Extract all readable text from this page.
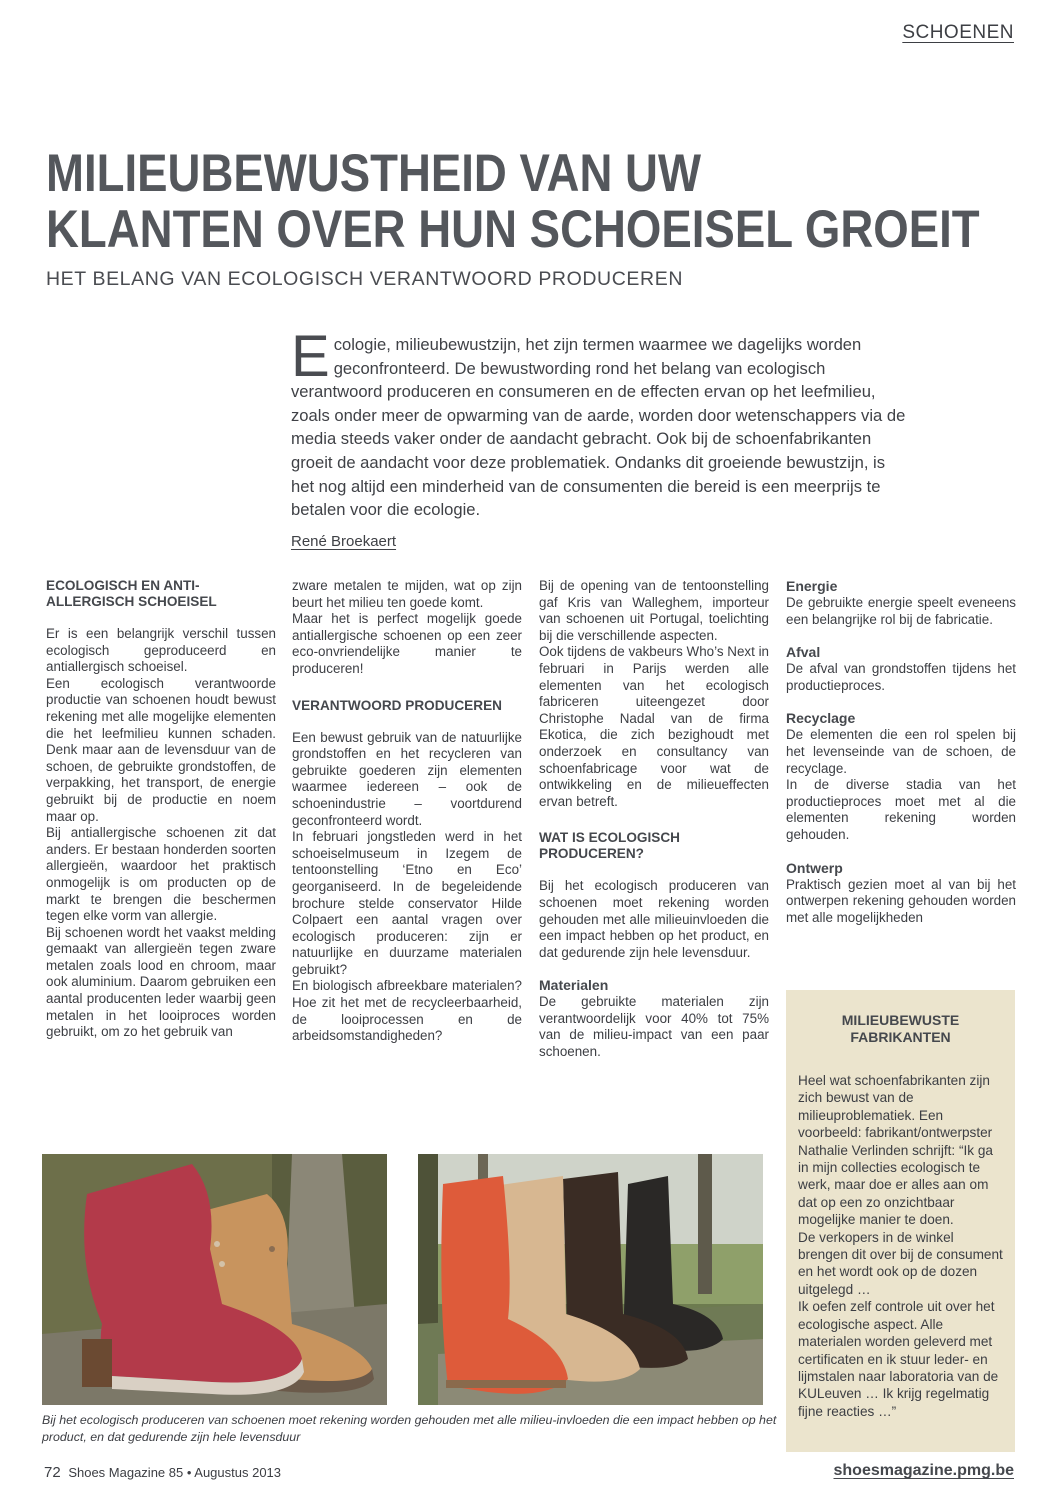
SCHOENEN
MILIEUBEWUSTHEID VAN UW
KLANTEN OVER HUN SCHOEISEL GROEIT
HET BELANG VAN ECOLOGISCH VERANTWOORD PRODUCEREN
Ecologie, milieubewustzijn, het zijn termen waarmee we dagelijks worden geconfronteerd. De bewustwording rond het belang van ecologisch verantwoord produceren en consumeren en de effecten ervan op het leefmilieu, zoals onder meer de opwarming van de aarde, worden door wetenschappers via de media steeds vaker onder de aandacht gebracht. Ook bij de schoenfabrikanten groeit de aandacht voor deze problematiek. Ondanks dit groeiende bewustzijn, is het nog altijd een minderheid van de consumenten die bereid is een meerprijs te betalen voor die ecologie.
René Broekaert
ECOLOGISCH EN ANTI-ALLERGISCH SCHOEISEL

Er is een belangrijk verschil tussen ecologisch geproduceerd en antiallergisch schoeisel.

Een ecologisch verantwoorde productie van schoenen houdt bewust rekening met alle mogelijke elementen die het leefmilieu kunnen schaden. Denk maar aan de levensduur van de schoen, de gebruikte grondstoffen, de verpakking, het transport, de energie gebruikt bij de productie en noem maar op.

Bij antiallergische schoenen zit dat anders. Er bestaan honderden soorten allergieën, waardoor het praktisch onmogelijk is om producten op de markt te brengen die beschermen tegen elke vorm van allergie.

Bij schoenen wordt het vaakst melding gemaakt van allergieën tegen zware metalen zoals lood en chroom, maar ook aluminium. Daarom gebruiken een aantal producenten leder waarbij geen metalen in het looiproces worden gebruikt, om zo het gebruik van

zware metalen te mijden, wat op zijn beurt het milieu ten goede komt.

Maar het is perfect mogelijk goede antiallergische schoenen op een zeer eco-onvriendelijke manier te produceren!

VERANTWOORD PRODUCEREN

Een bewust gebruik van de natuurlijke grondstoffen en het recycleren van gebruikte goederen zijn elementen waarmee iedereen – ook de schoenindustrie – voortdurend geconfronteerd wordt.

In februari jongstleden werd in het schoeiselmuseum in Izegem de tentoonstelling ‘Etno en Eco’ georganiseerd. In de begeleidende brochure stelde conservator Hilde Colpaert een aantal vragen over ecologisch produceren: zijn er natuurlijke en duurzame materialen gebruikt?

En biologisch afbreekbare materialen? Hoe zit het met de recycleerbaarheid, de looiprocessen en de arbeidsomstandigheden?

Bij de opening van de tentoonstelling gaf Kris van Walleghem, importeur van schoenen uit Portugal, toelichting bij die verschillende aspecten.

Ook tijdens de vakbeurs Who’s Next in februari in Parijs werden alle elementen van het ecologisch fabriceren uiteengezet door Christophe Nadal van de firma Ekotica, die zich bezighoudt met onderzoek en consultancy van schoenfabricage voor wat de ontwikkeling en de milieueffecten ervan betreft.

WAT IS ECOLOGISCH PRODUCEREN?

Bij het ecologisch produceren van schoenen moet rekening worden gehouden met alle milieuinvloeden die een impact hebben op het product, en dat gedurende zijn hele levensduur.

Materialen

De gebruikte materialen zijn verantwoordelijk voor 40% tot 75% van de milieu-impact van een paar schoenen.

Energie

De gebruikte energie speelt eveneens een belangrijke rol bij de fabricatie.

Afval

De afval van grondstoffen tijdens het productieproces.

Recyclage

De elementen die een rol spelen bij het levenseinde van de schoen, de recyclage.

In de diverse stadia van het productieproces moet met al die elementen rekening worden gehouden.

Ontwerp

Praktisch gezien moet al van bij het ontwerpen rekening gehouden worden met alle mogelijkheden

MILIEUBEWUSTE FABRIKANTEN

Heel wat schoenfabrikanten zijn zich bewust van de milieuproblematiek. Een voorbeeld: fabrikant/ontwerpster Nathalie Verlinden schrijft: “Ik ga in mijn collecties ecologisch te werk, maar doe er alles aan om dat op een zo onzichtbaar mogelijke manier te doen.

De verkopers in de winkel brengen dit over bij de consument en het wordt ook op de dozen uitgelegd …

Ik oefen zelf controle uit over het ecologische aspect. Alle materialen worden geleverd met certificaten en ik stuur leder- en lijmstalen naar laboratoria van de KULeuven … Ik krijg regelmatig fijne reacties …”

Bij het ecologisch produceren van schoenen moet rekening worden gehouden met alle milieu-invloeden die een impact hebben op het product, en dat gedurende zijn hele levensduur
72 Shoes Magazine 85 • Augustus 2013	shoesmagazine.pmg.be
